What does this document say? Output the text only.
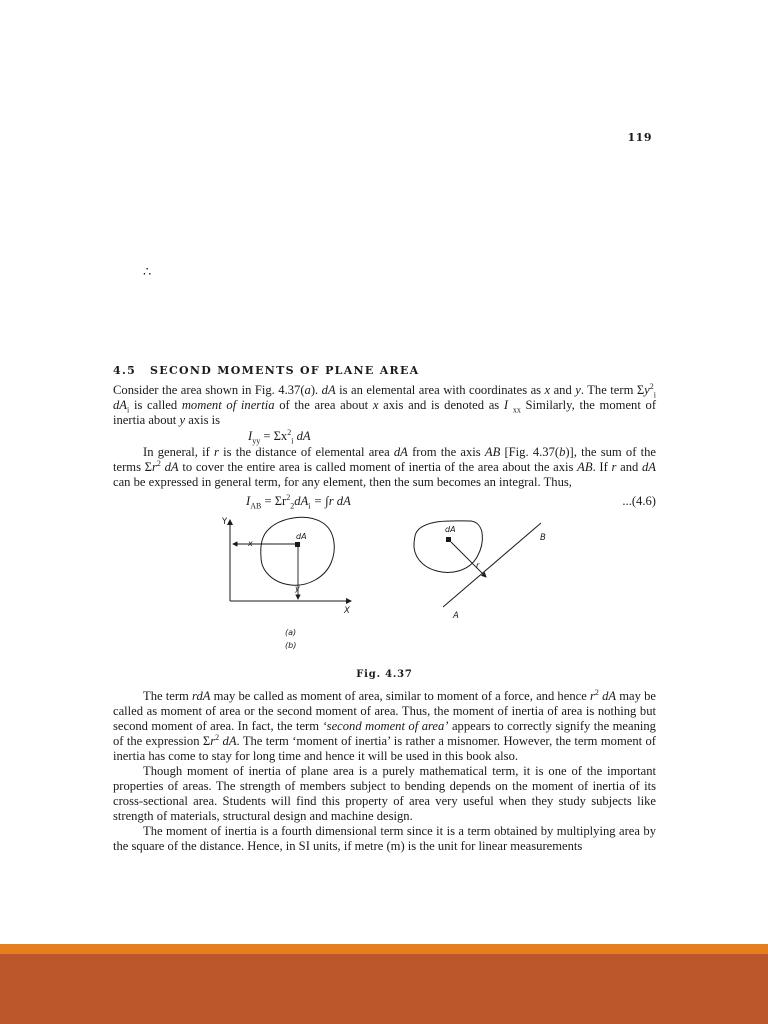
119
∴
4.5 SECOND MOMENTS OF PLANE AREA

Consider the area shown in Fig. 4.37(a). dA is an elemental area with coordinates as x and y. The term $\Sigma y^2_i$ $dA_i$ is called moment of inertia of the area about x axis and is denoted as I $_{xx}$ Similarly, the moment of inertia about y axis is

$I_{yy} = \Sigma x^2_i$ dA

In general, if r is the distance of elemental area dA from the axis AB [Fig. 4.37(b)], the sum of the terms $\Sigma r^2$ dA to cover the entire area is called moment of inertia of the area about the axis AB. If r and dA can be expressed in general term, for any element, then the sum becomes an integral. Thus,

$I_{AB} = \Sigma r^2_2dA_i = \int r$ dA	...(4.6)
Y
x
y
dA
X
(a)
(b)
dA
r
A
B
Fig. 4.37

The term rdA may be called as moment of area, similar to moment of a force, and hence $r^2$ dA may be called as moment of area or the second moment of area. Thus, the moment of inertia of area is nothing but second moment of area. In fact, the term ‘second moment of area’ appears to correctly signify the meaning of the expression $\Sigma r^2$ dA. The term ‘moment of inertia’ is rather a misnomer. However, the term moment of inertia has come to stay for long time and hence it will be used in this book also.

Though moment of inertia of plane area is a purely mathematical term, it is one of the important properties of areas. The strength of members subject to bending depends on the moment of inertia of its cross-sectional area. Students will find this property of area very useful when they study subjects like strength of materials, structural design and machine design.

The moment of inertia is a fourth dimensional term since it is a term obtained by multiplying area by the square of the distance. Hence, in SI units, if metre (m) is the unit for linear measurements
